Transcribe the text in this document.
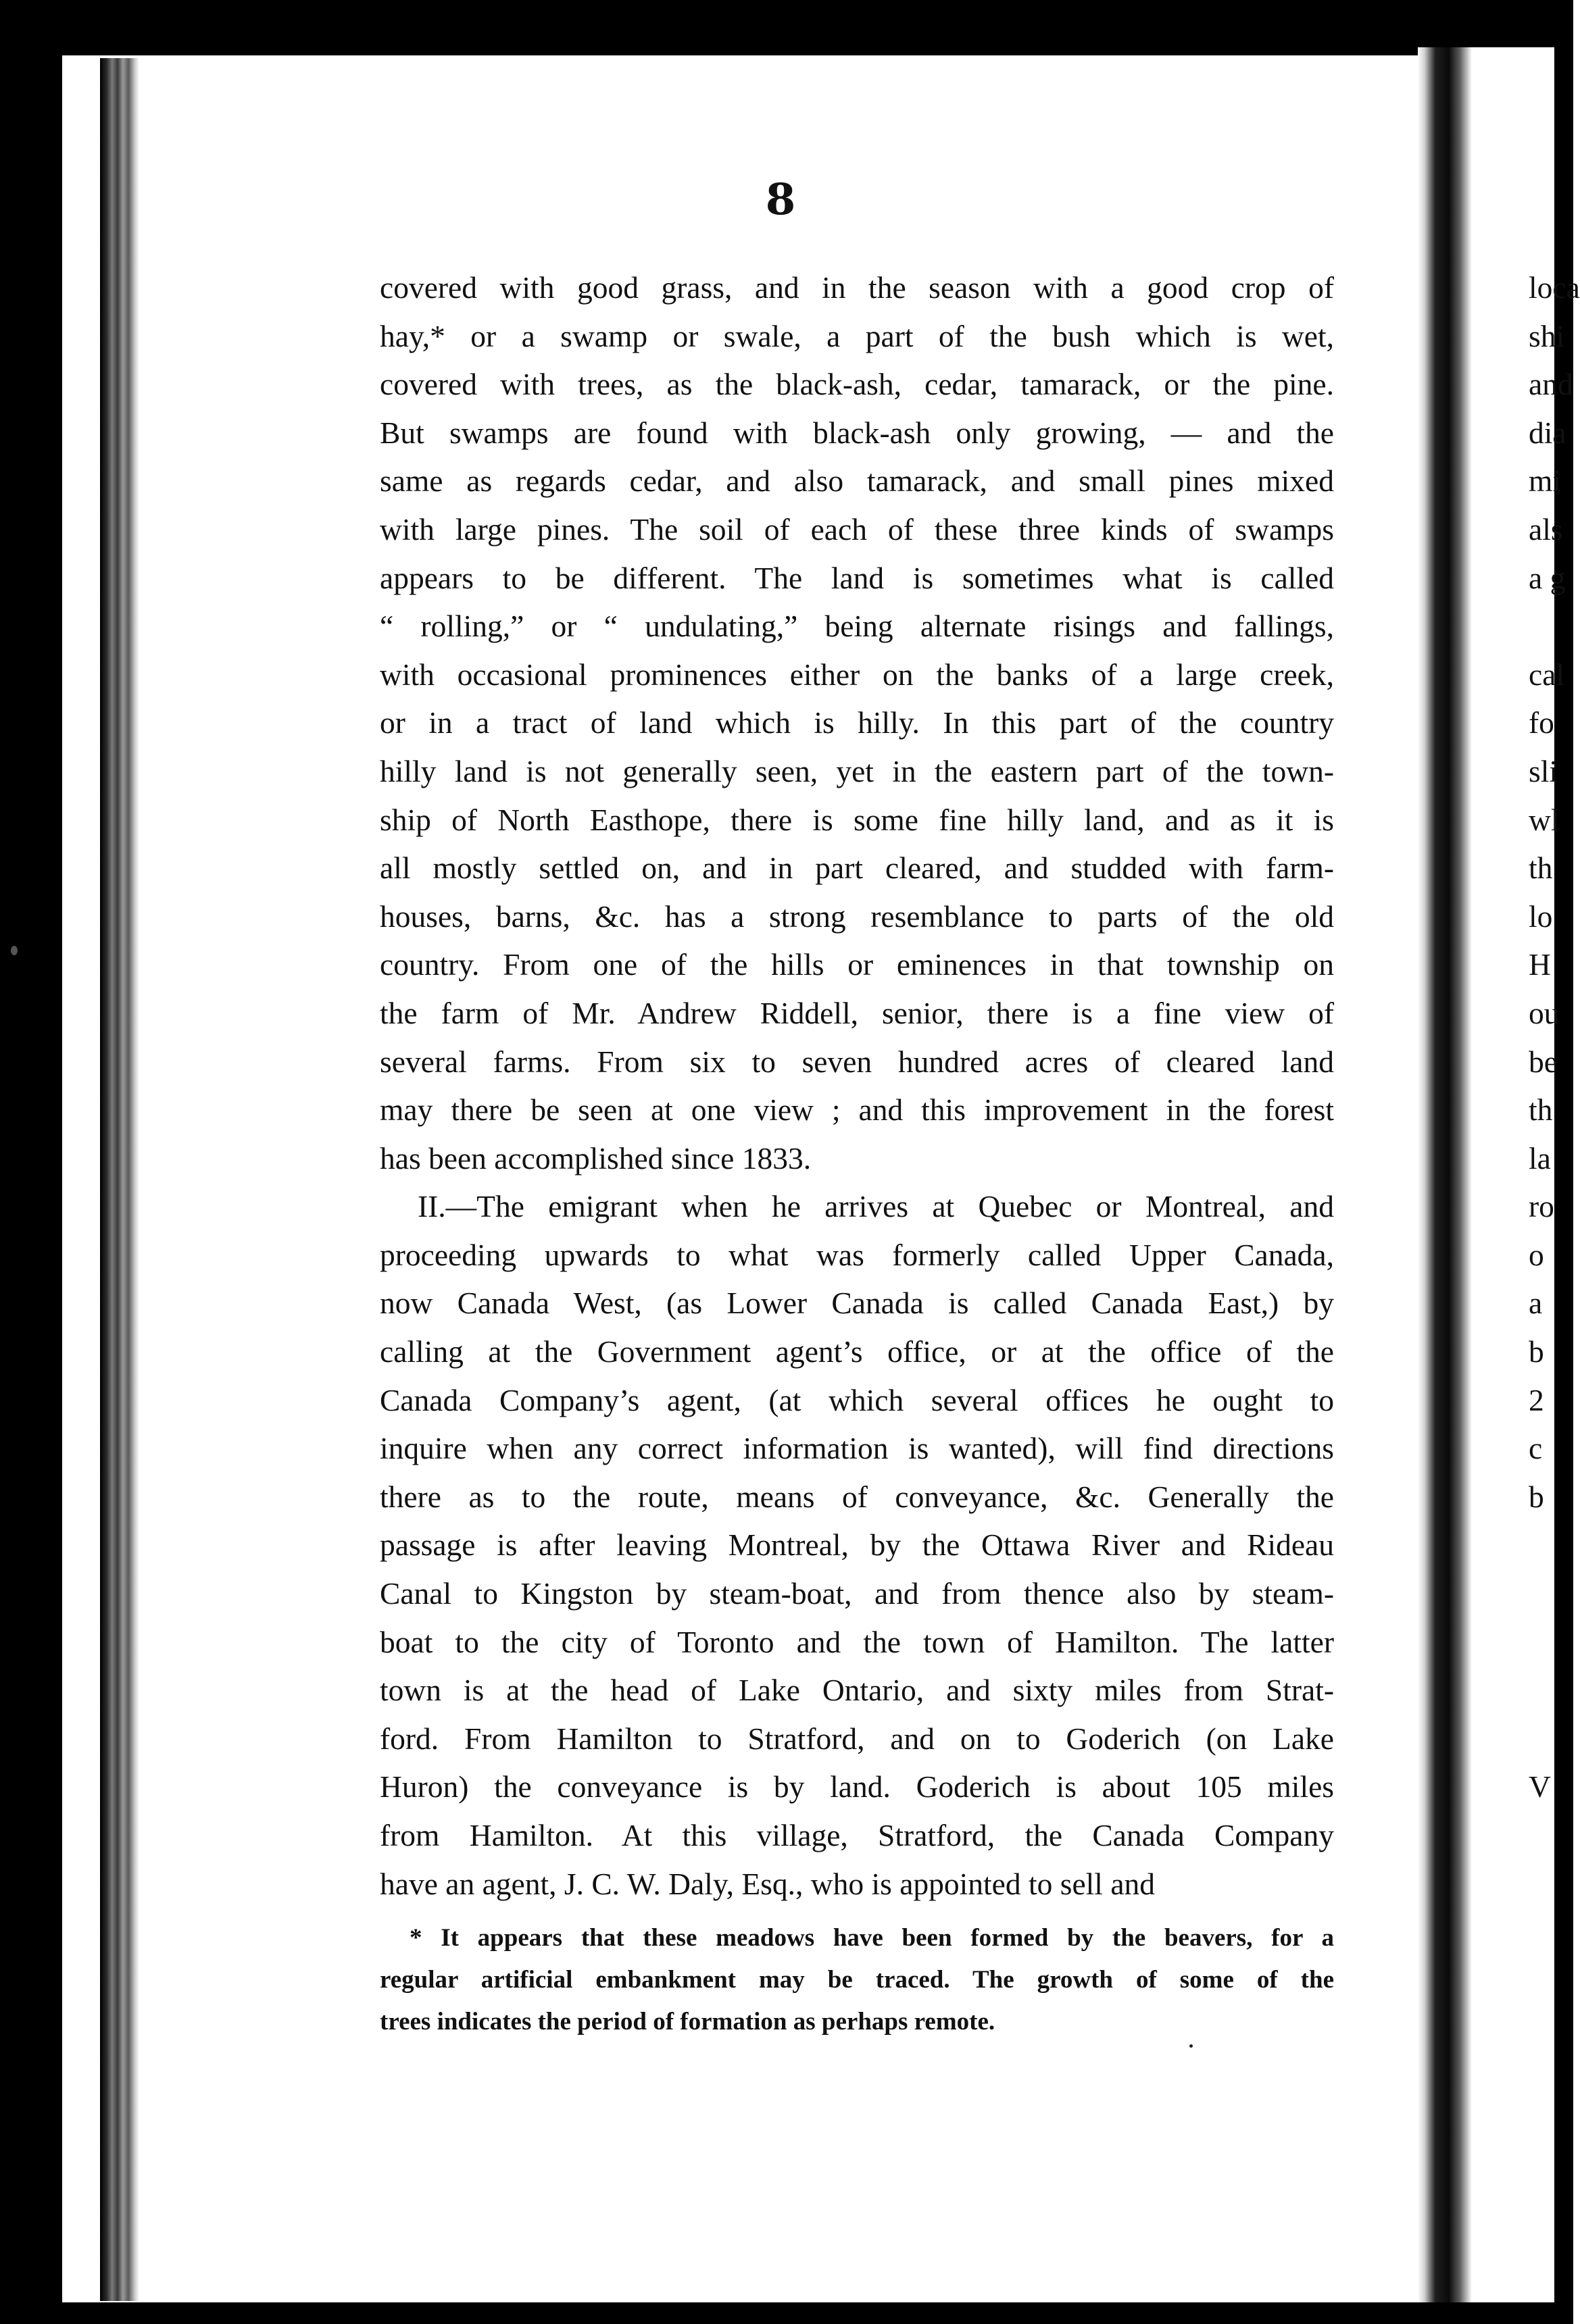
8
covered with good grass, and in the season with a good crop of
hay,* or a swamp or swale, a part of the bush which is wet,
covered with trees, as the black-ash, cedar, tamarack, or the pine.
But swamps are found with black-ash only growing, — and the
same as regards cedar, and also tamarack, and small pines mixed
with large pines. The soil of each of these three kinds of swamps
appears to be different. The land is sometimes what is called
“ rolling,” or “ undulating,” being alternate risings and fallings,
with occasional prominences either on the banks of a large creek,
or in a tract of land which is hilly. In this part of the country
hilly land is not generally seen, yet in the eastern part of the town-
ship of North Easthope, there is some fine hilly land, and as it is
all mostly settled on, and in part cleared, and studded with farm-
houses, barns, &c. has a strong resemblance to parts of the old
country. From one of the hills or eminences in that township on
the farm of Mr. Andrew Riddell, senior, there is a fine view of
several farms. From six to seven hundred acres of cleared land
may there be seen at one view ; and this improvement in the forest
has been accomplished since 1833.
II.—The emigrant when he arrives at Quebec or Montreal, and
proceeding upwards to what was formerly called Upper Canada,
now Canada West, (as Lower Canada is called Canada East,) by
calling at the Government agent’s office, or at the office of the
Canada Company’s agent, (at which several offices he ought to
inquire when any correct information is wanted), will find directions
there as to the route, means of conveyance, &c. Generally the
passage is after leaving Montreal, by the Ottawa River and Rideau
Canal to Kingston by steam-boat, and from thence also by steam-
boat to the city of Toronto and the town of Hamilton. The latter
town is at the head of Lake Ontario, and sixty miles from Strat-
ford. From Hamilton to Stratford, and on to Goderich (on Lake
Huron) the conveyance is by land. Goderich is about 105 miles
from Hamilton. At this village, Stratford, the Canada Company
have an agent, J. C. W. Daly, Esq., who is appointed to sell and
* It appears that these meadows have been formed by the beavers, for a
regular artificial embankment may be traced. The growth of some of the
trees indicates the period of formation as perhaps remote.
loca
shi
and
dia
mi
als
a g
cal
fo
sli
wl
th
lo
H
ou
be
th
la
ro
o
a
b
2
c
b
V
